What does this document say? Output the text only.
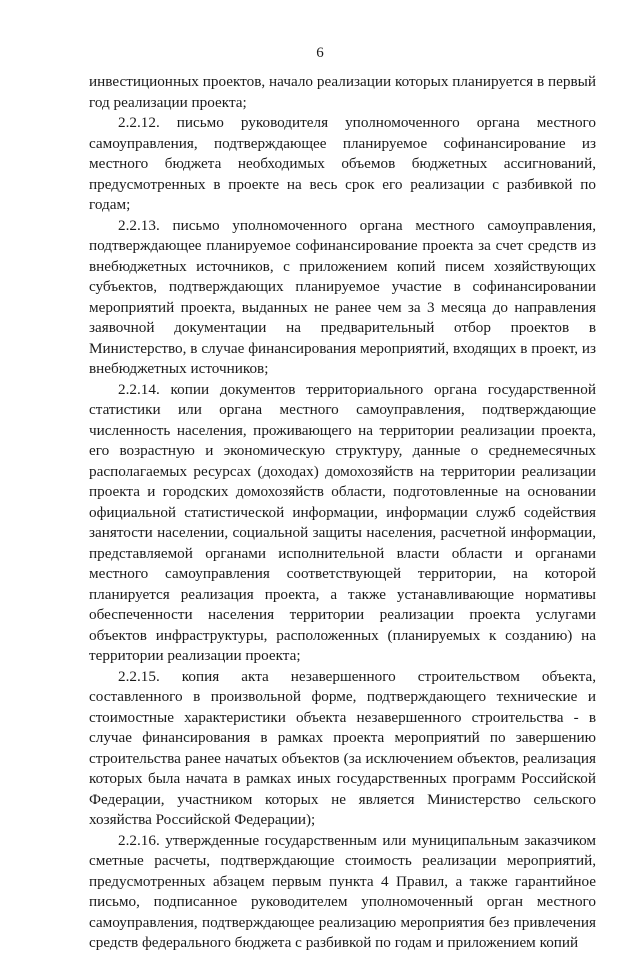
6

инвестиционных проектов, начало реализации которых планируется в первый год реализации проекта;

2.2.12. письмо руководителя уполномоченного органа местного самоуправления, подтверждающее планируемое софинансирование из местного бюджета необходимых объемов бюджетных ассигнований, предусмотренных в проекте на весь срок его реализации с разбивкой по годам;

2.2.13. письмо уполномоченного органа местного самоуправления, подтверждающее планируемое софинансирование проекта за счет средств из внебюджетных источников, с приложением копий писем хозяйствующих субъектов, подтверждающих планируемое участие в софинансировании мероприятий проекта, выданных не ранее чем за 3 месяца до направления заявочной документации на предварительный отбор проектов в Министерство, в случае финансирования мероприятий, входящих в проект, из внебюджетных источников;

2.2.14. копии документов территориального органа государственной статистики или органа местного самоуправления, подтверждающие численность населения, проживающего на территории реализации проекта, его возрастную и экономическую структуру, данные о среднемесячных располагаемых ресурсах (доходах) домохозяйств на территории реализации проекта и городских домохозяйств области, подготовленные на основании официальной статистической информации, информации служб содействия занятости населении, социальной защиты населения, расчетной информации, представляемой органами исполнительной власти области и органами местного самоуправления соответствующей территории, на которой планируется реализация проекта, а также устанавливающие нормативы обеспеченности населения территории реализации проекта услугами объектов инфраструктуры, расположенных (планируемых к созданию) на территории реализации проекта;

2.2.15. копия акта незавершенного строительством объекта, составленного в произвольной форме, подтверждающего технические и стоимостные характеристики объекта незавершенного строительства - в случае финансирования в рамках проекта мероприятий по завершению строительства ранее начатых объектов (за исключением объектов, реализация которых была начата в рамках иных государственных программ Российской Федерации, участником которых не является Министерство сельского хозяйства Российской Федерации);

2.2.16. утвержденные государственным или муниципальным заказчиком сметные расчеты, подтверждающие стоимость реализации мероприятий, предусмотренных абзацем первым пункта 4 Правил, а также гарантийное письмо, подписанное руководителем уполномоченный орган местного самоуправления, подтверждающее реализацию мероприятия без привлечения средств федерального бюджета с разбивкой по годам и приложением копий
